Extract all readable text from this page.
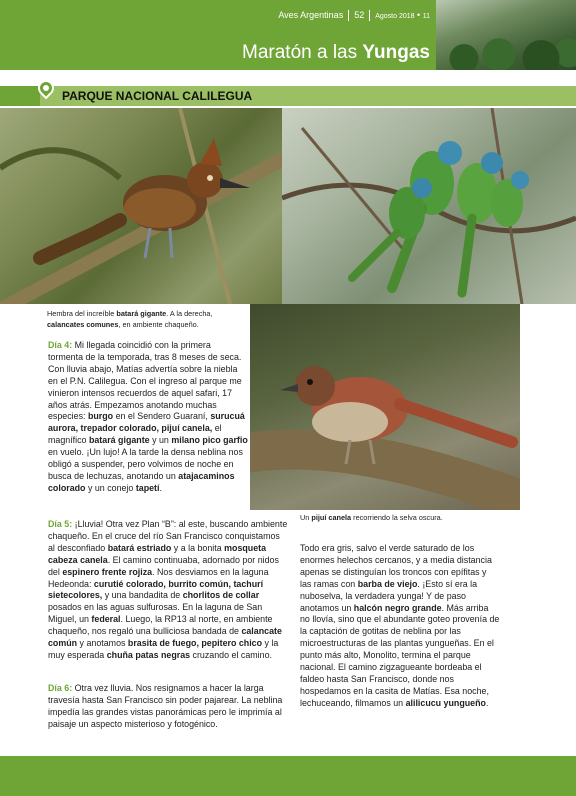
Aves Argentinas 52 Agosto 2018 • 11
Maratón a las Yungas
PARQUE NACIONAL CALILEGUA
Hembra del increíble batará gigante. A la derecha, calancates comunes, en ambiente chaqueño.
Un pijuí canela recorriendo la selva oscura.
Día 4: Mi llegada coincidió con la primera tormenta de la temporada, tras 8 meses de seca. Con lluvia abajo, Matías advertía sobre la niebla en el P.N. Calilegua. Con el ingreso al parque me vinieron intensos recuerdos de aquel safari, 17 años atrás. Empezamos anotando muchas especies: burgo en el Sendero Guaraní, surucuá aurora, trepador colorado, pijuí canela, el magnífico batará gigante y un milano pico garfio en vuelo. ¡Un lujo! A la tarde la densa neblina nos obligó a suspender, pero volvimos de noche en busca de lechuzas, anotando un atajacaminos colorado y un conejo tapetí.
Día 5: ¡Lluvia! Otra vez Plan “B”: al este, buscando ambiente chaqueño. En el cruce del río San Francisco conquistamos al desconfiado batará estriado y a la bonita mosqueta cabeza canela. El camino continuaba, adornado por nidos del espinero frente rojiza. Nos desviamos en la laguna Hedeonda: curutié colorado, burrito común, tachurí sietecolores, y una bandadita de chorlitos de collar posados en las aguas sulfurosas. En la laguna de San Miguel, un federal. Luego, la RP13 al norte, en ambiente chaqueño, nos regaló una bulliciosa bandada de calancate común y anotamos brasita de fuego, pepitero chico y la muy esperada chuña patas negras cruzando el camino.
Día 6: Otra vez lluvia. Nos resignamos a hacer la larga travesía hasta San Francisco sin poder pajarear. La neblina impedía las grandes vistas panorámicas pero le imprimía al paisaje un aspecto misterioso y fotogénico.
Todo era gris, salvo el verde saturado de los enormes helechos cercanos, y a media distancia apenas se distinguían los troncos con epífitas y las ramas con barba de viejo. ¡Esto sí era la nuboselva, la verdadera yunga! Y de paso anotamos un halcón negro grande. Más arriba no llovía, sino que el abundante goteo provenía de la captación de gotitas de neblina por las microestructuras de las plantas yungueñas. En el punto más alto, Monolito, termina el parque nacional. El camino zigzagueante bordeaba el faldeo hasta San Francisco, donde nos hospedamos en la casita de Matías. Esa noche, lechuceando, filmamos un alilicucu yungueño.
